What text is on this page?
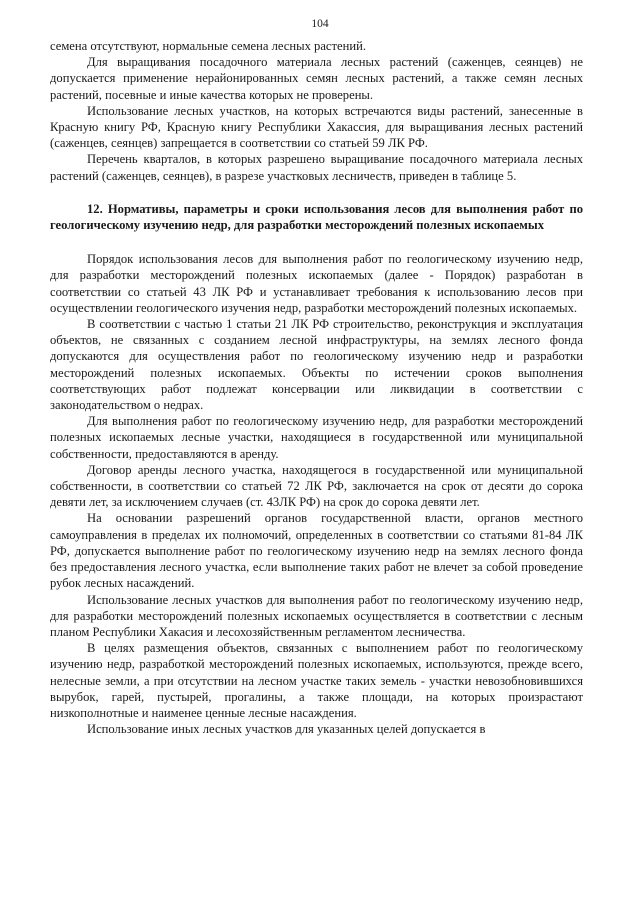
104

семена отсутствуют, нормальные семена лесных растений.

Для выращивания посадочного материала лесных растений (саженцев, сеянцев) не допускается применение нерайонированных семян лесных растений, а также семян лесных растений, посевные и иные качества которых не проверены.

Использование лесных участков, на которых встречаются виды растений, занесенные в Красную книгу РФ, Красную книгу Республики Хакассия, для выращивания лесных растений (саженцев, сеянцев) запрещается в соответствии со статьей 59 ЛК РФ.

Перечень кварталов, в которых разрешено выращивание посадочного материала лесных растений (саженцев, сеянцев), в разрезе участковых лесничеств, приведен в таблице 5.

12. Нормативы, параметры и сроки использования лесов для выполнения работ по геологическому изучению недр, для разработки месторождений полезных ископаемых

Порядок использования лесов для выполнения работ по геологическому изучению недр, для разработки месторождений полезных ископаемых (далее - Порядок) разработан в соответствии со статьей 43 ЛК РФ и устанавливает требования к использованию лесов при осуществлении геологического изучения недр, разработки месторождений полезных ископаемых.

В соответствии с частью 1 статьи 21 ЛК РФ строительство, реконструкция и эксплуатация объектов, не связанных с созданием лесной инфраструктуры, на землях лесного фонда допускаются для осуществления работ по геологическому изучению недр и разработки месторождений полезных ископаемых. Объекты по истечении сроков выполнения соответствующих работ подлежат консервации или ликвидации в соответствии с законодательством о недрах.

Для выполнения работ по геологическому изучению недр, для разработки месторождений полезных ископаемых лесные участки, находящиеся в государственной или муниципальной собственности, предоставляются в аренду.

Договор аренды лесного участка, находящегося в государственной или муниципальной собственности, в соответствии со статьей 72 ЛК РФ, заключается на срок от десяти до сорока девяти лет, за исключением случаев (ст. 43ЛК РФ) на срок до сорока девяти лет.

На основании разрешений органов государственной власти, органов местного самоуправления в пределах их полномочий, определенных в соответствии со статьями 81-84 ЛК РФ, допускается выполнение работ по геологическому изучению недр на землях лесного фонда без предоставления лесного участка, если выполнение таких работ не влечет за собой проведение рубок лесных насаждений.

Использование лесных участков для выполнения работ по геологическому изучению недр, для разработки месторождений полезных ископаемых осуществляется в соответствии с лесным планом Республики Хакасия и лесохозяйственным регламентом лесничества.

В целях размещения объектов, связанных с выполнением работ по геологическому изучению недр, разработкой месторождений полезных ископаемых, используются, прежде всего, нелесные земли, а при отсутствии на лесном участке таких земель - участки невозобновившихся вырубок, гарей, пустырей, прогалины, а также площади, на которых произрастают низкополнотные и наименее ценные лесные насаждения.

Использование иных лесных участков для указанных целей допускается в
